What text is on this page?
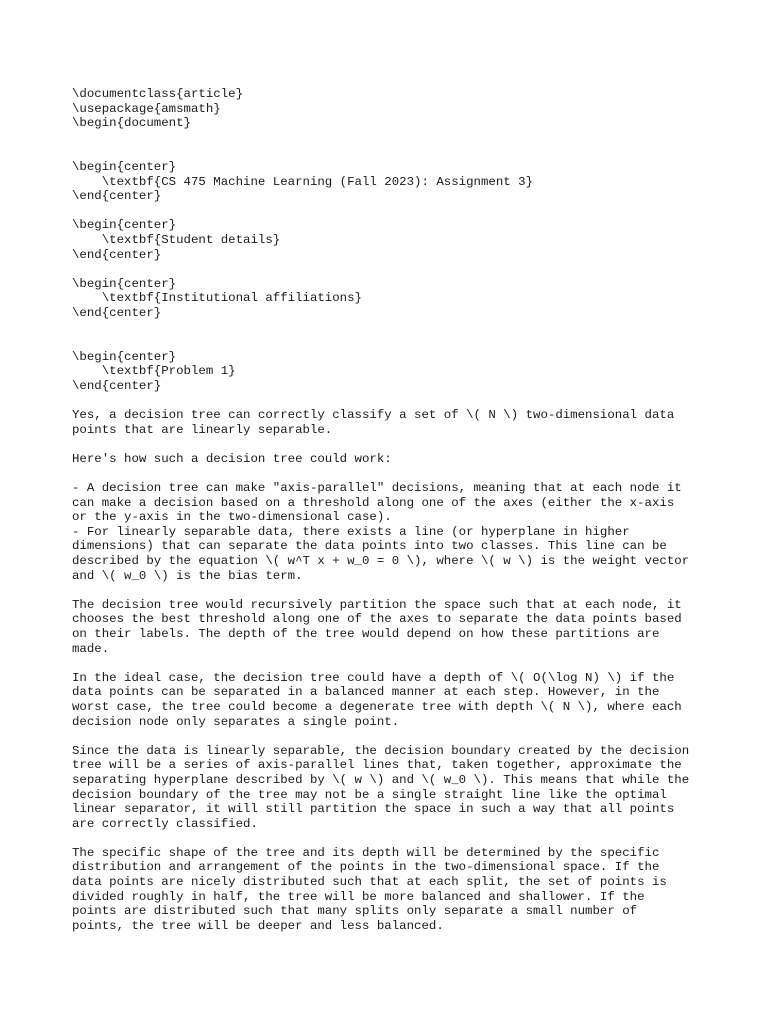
\documentclass{article}
\usepackage{amsmath}
\begin{document}
\begin{center}
\textbf{CS 475 Machine Learning (Fall 2023): Assignment 3}
\end{center}
\begin{center}
\textbf{Student details}
\end{center}
\begin{center}
\textbf{Institutional affiliations}
\end{center}
\begin{center}
\textbf{Problem 1}
\end{center}
Yes, a decision tree can correctly classify a set of \( N \) two-dimensional data
points that are linearly separable.
Here's how such a decision tree could work:
- A decision tree can make "axis-parallel" decisions, meaning that at each node it
can make a decision based on a threshold along one of the axes (either the x-axis
or the y-axis in the two-dimensional case).
- For linearly separable data, there exists a line (or hyperplane in higher
dimensions) that can separate the data points into two classes. This line can be
described by the equation \( w^T x + w_0 = 0 \), where \( w \) is the weight vector
and \( w_0 \) is the bias term.
The decision tree would recursively partition the space such that at each node, it
chooses the best threshold along one of the axes to separate the data points based
on their labels. The depth of the tree would depend on how these partitions are
made.
In the ideal case, the decision tree could have a depth of \( O(\log N) \) if the
data points can be separated in a balanced manner at each step. However, in the
worst case, the tree could become a degenerate tree with depth \( N \), where each
decision node only separates a single point.
Since the data is linearly separable, the decision boundary created by the decision
tree will be a series of axis-parallel lines that, taken together, approximate the
separating hyperplane described by \( w \) and \( w_0 \). This means that while the
decision boundary of the tree may not be a single straight line like the optimal
linear separator, it will still partition the space in such a way that all points
are correctly classified.
The specific shape of the tree and its depth will be determined by the specific
distribution and arrangement of the points in the two-dimensional space. If the
data points are nicely distributed such that at each split, the set of points is
divided roughly in half, the tree will be more balanced and shallower. If the
points are distributed such that many splits only separate a small number of
points, the tree will be deeper and less balanced.
